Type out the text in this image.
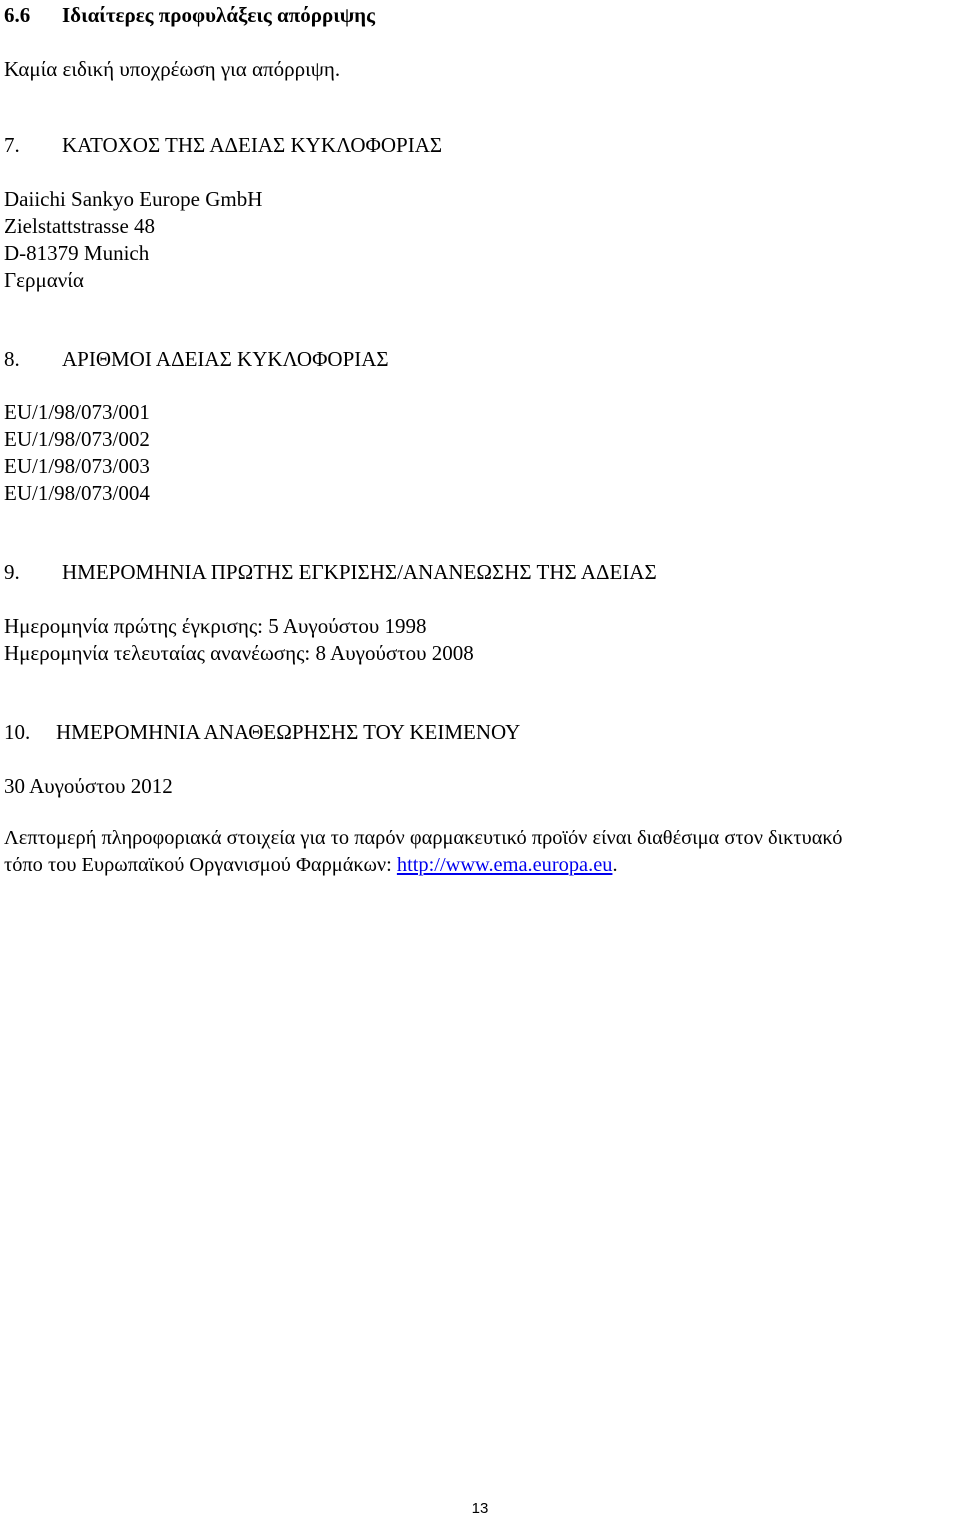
6.6 Ιδιαίτερες προφυλάξεις απόρριψης
Καμία ειδική υποχρέωση για απόρριψη.
7. ΚΑΤΟΧΟΣ ΤΗΣ ΑΔΕΙΑΣ ΚΥΚΛΟΦΟΡΙΑΣ
Daiichi Sankyo Europe GmbH
Zielstattstrasse 48
D-81379 Munich
Γερμανία
8. ΑΡΙΘΜΟΙ ΑΔΕΙΑΣ ΚΥΚΛΟΦΟΡΙΑΣ
EU/1/98/073/001
EU/1/98/073/002
EU/1/98/073/003
EU/1/98/073/004
9. ΗΜΕΡΟΜΗΝΙΑ ΠΡΩΤΗΣ ΕΓΚΡΙΣΗΣ/ΑΝΑΝΕΩΣΗΣ ΤΗΣ ΑΔΕΙΑΣ
Ημερομηνία πρώτης έγκρισης: 5 Αυγούστου 1998
Ημερομηνία τελευταίας ανανέωσης: 8 Αυγούστου 2008
10. ΗΜΕΡΟΜΗΝΙΑ ΑΝΑΘΕΩΡΗΣΗΣ ΤΟΥ ΚΕΙΜΕΝΟΥ
30 Αυγούστου 2012
Λεπτομερή πληροφοριακά στοιχεία για το παρόν φαρμακευτικό προϊόν είναι διαθέσιμα στον δικτυακό
τόπο του Ευρωπαϊκού Οργανισμού Φαρμάκων: http://www.ema.europa.eu.
13
